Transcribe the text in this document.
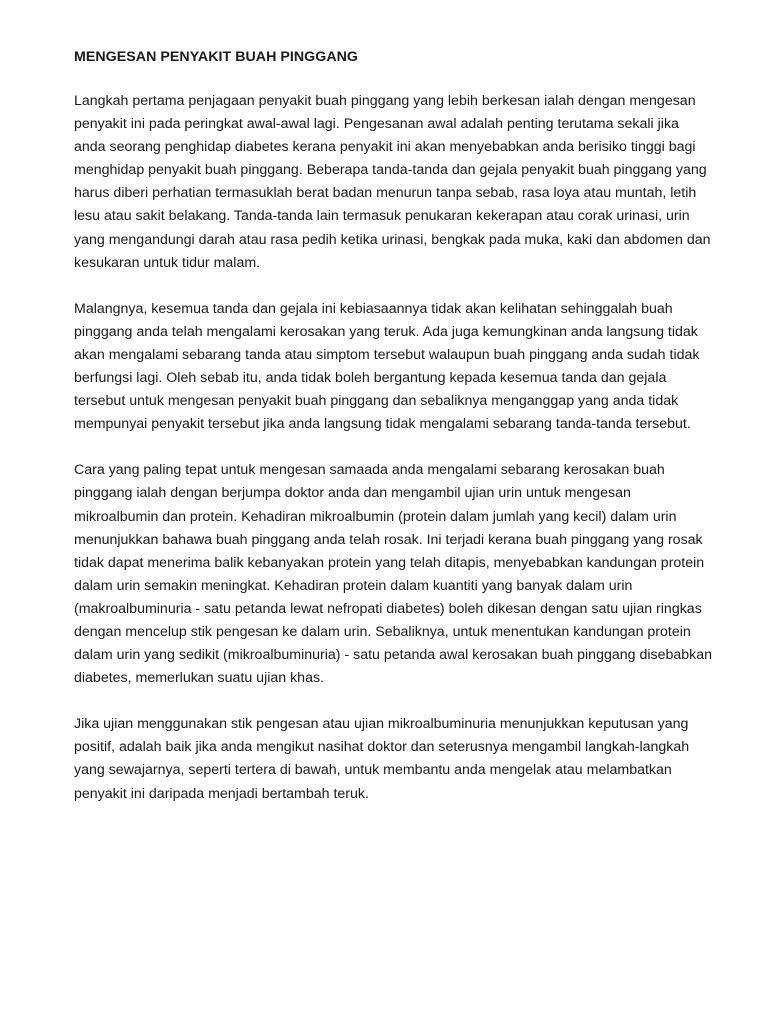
MENGESAN PENYAKIT BUAH PINGGANG

Langkah pertama penjagaan penyakit buah pinggang yang lebih berkesan ialah dengan mengesan penyakit ini pada peringkat awal-awal lagi. Pengesanan awal adalah penting terutama sekali jika anda seorang penghidap diabetes kerana penyakit ini akan menyebabkan anda berisiko tinggi bagi menghidap penyakit buah pinggang. Beberapa tanda-tanda dan gejala penyakit buah pinggang yang harus diberi perhatian termasuklah berat badan menurun tanpa sebab, rasa loya atau muntah, letih lesu atau sakit belakang. Tanda-tanda lain termasuk penukaran kekerapan atau corak urinasi, urin yang mengandungi darah atau rasa pedih ketika urinasi, bengkak pada muka, kaki dan abdomen dan kesukaran untuk tidur malam.

Malangnya, kesemua tanda dan gejala ini kebiasaannya tidak akan kelihatan sehinggalah buah pinggang anda telah mengalami kerosakan yang teruk. Ada juga kemungkinan anda langsung tidak akan mengalami sebarang tanda atau simptom tersebut walaupun buah pinggang anda sudah tidak berfungsi lagi. Oleh sebab itu, anda tidak boleh bergantung kepada kesemua tanda dan gejala tersebut untuk mengesan penyakit buah pinggang dan sebaliknya menganggap yang anda tidak mempunyai penyakit tersebut jika anda langsung tidak mengalami sebarang tanda-tanda tersebut.

Cara yang paling tepat untuk mengesan samaada anda mengalami sebarang kerosakan buah pinggang ialah dengan berjumpa doktor anda dan mengambil ujian urin untuk mengesan mikroalbumin dan protein. Kehadiran mikroalbumin (protein dalam jumlah yang kecil) dalam urin menunjukkan bahawa buah pinggang anda telah rosak. Ini terjadi kerana buah pinggang yang rosak tidak dapat menerima balik kebanyakan protein yang telah ditapis, menyebabkan kandungan protein dalam urin semakin meningkat. Kehadiran protein dalam kuantiti yang banyak dalam urin (makroalbuminuria - satu petanda lewat nefropati diabetes) boleh dikesan dengan satu ujian ringkas dengan mencelup stik pengesan ke dalam urin. Sebaliknya, untuk menentukan kandungan protein dalam urin yang sedikit (mikroalbuminuria) - satu petanda awal kerosakan buah pinggang disebabkan diabetes, memerlukan suatu ujian khas.

Jika ujian menggunakan stik pengesan atau ujian mikroalbuminuria menunjukkan keputusan yang positif, adalah baik jika anda mengikut nasihat doktor dan seterusnya mengambil langkah-langkah yang sewajarnya, seperti tertera di bawah, untuk membantu anda mengelak atau melambatkan penyakit ini daripada menjadi bertambah teruk.
